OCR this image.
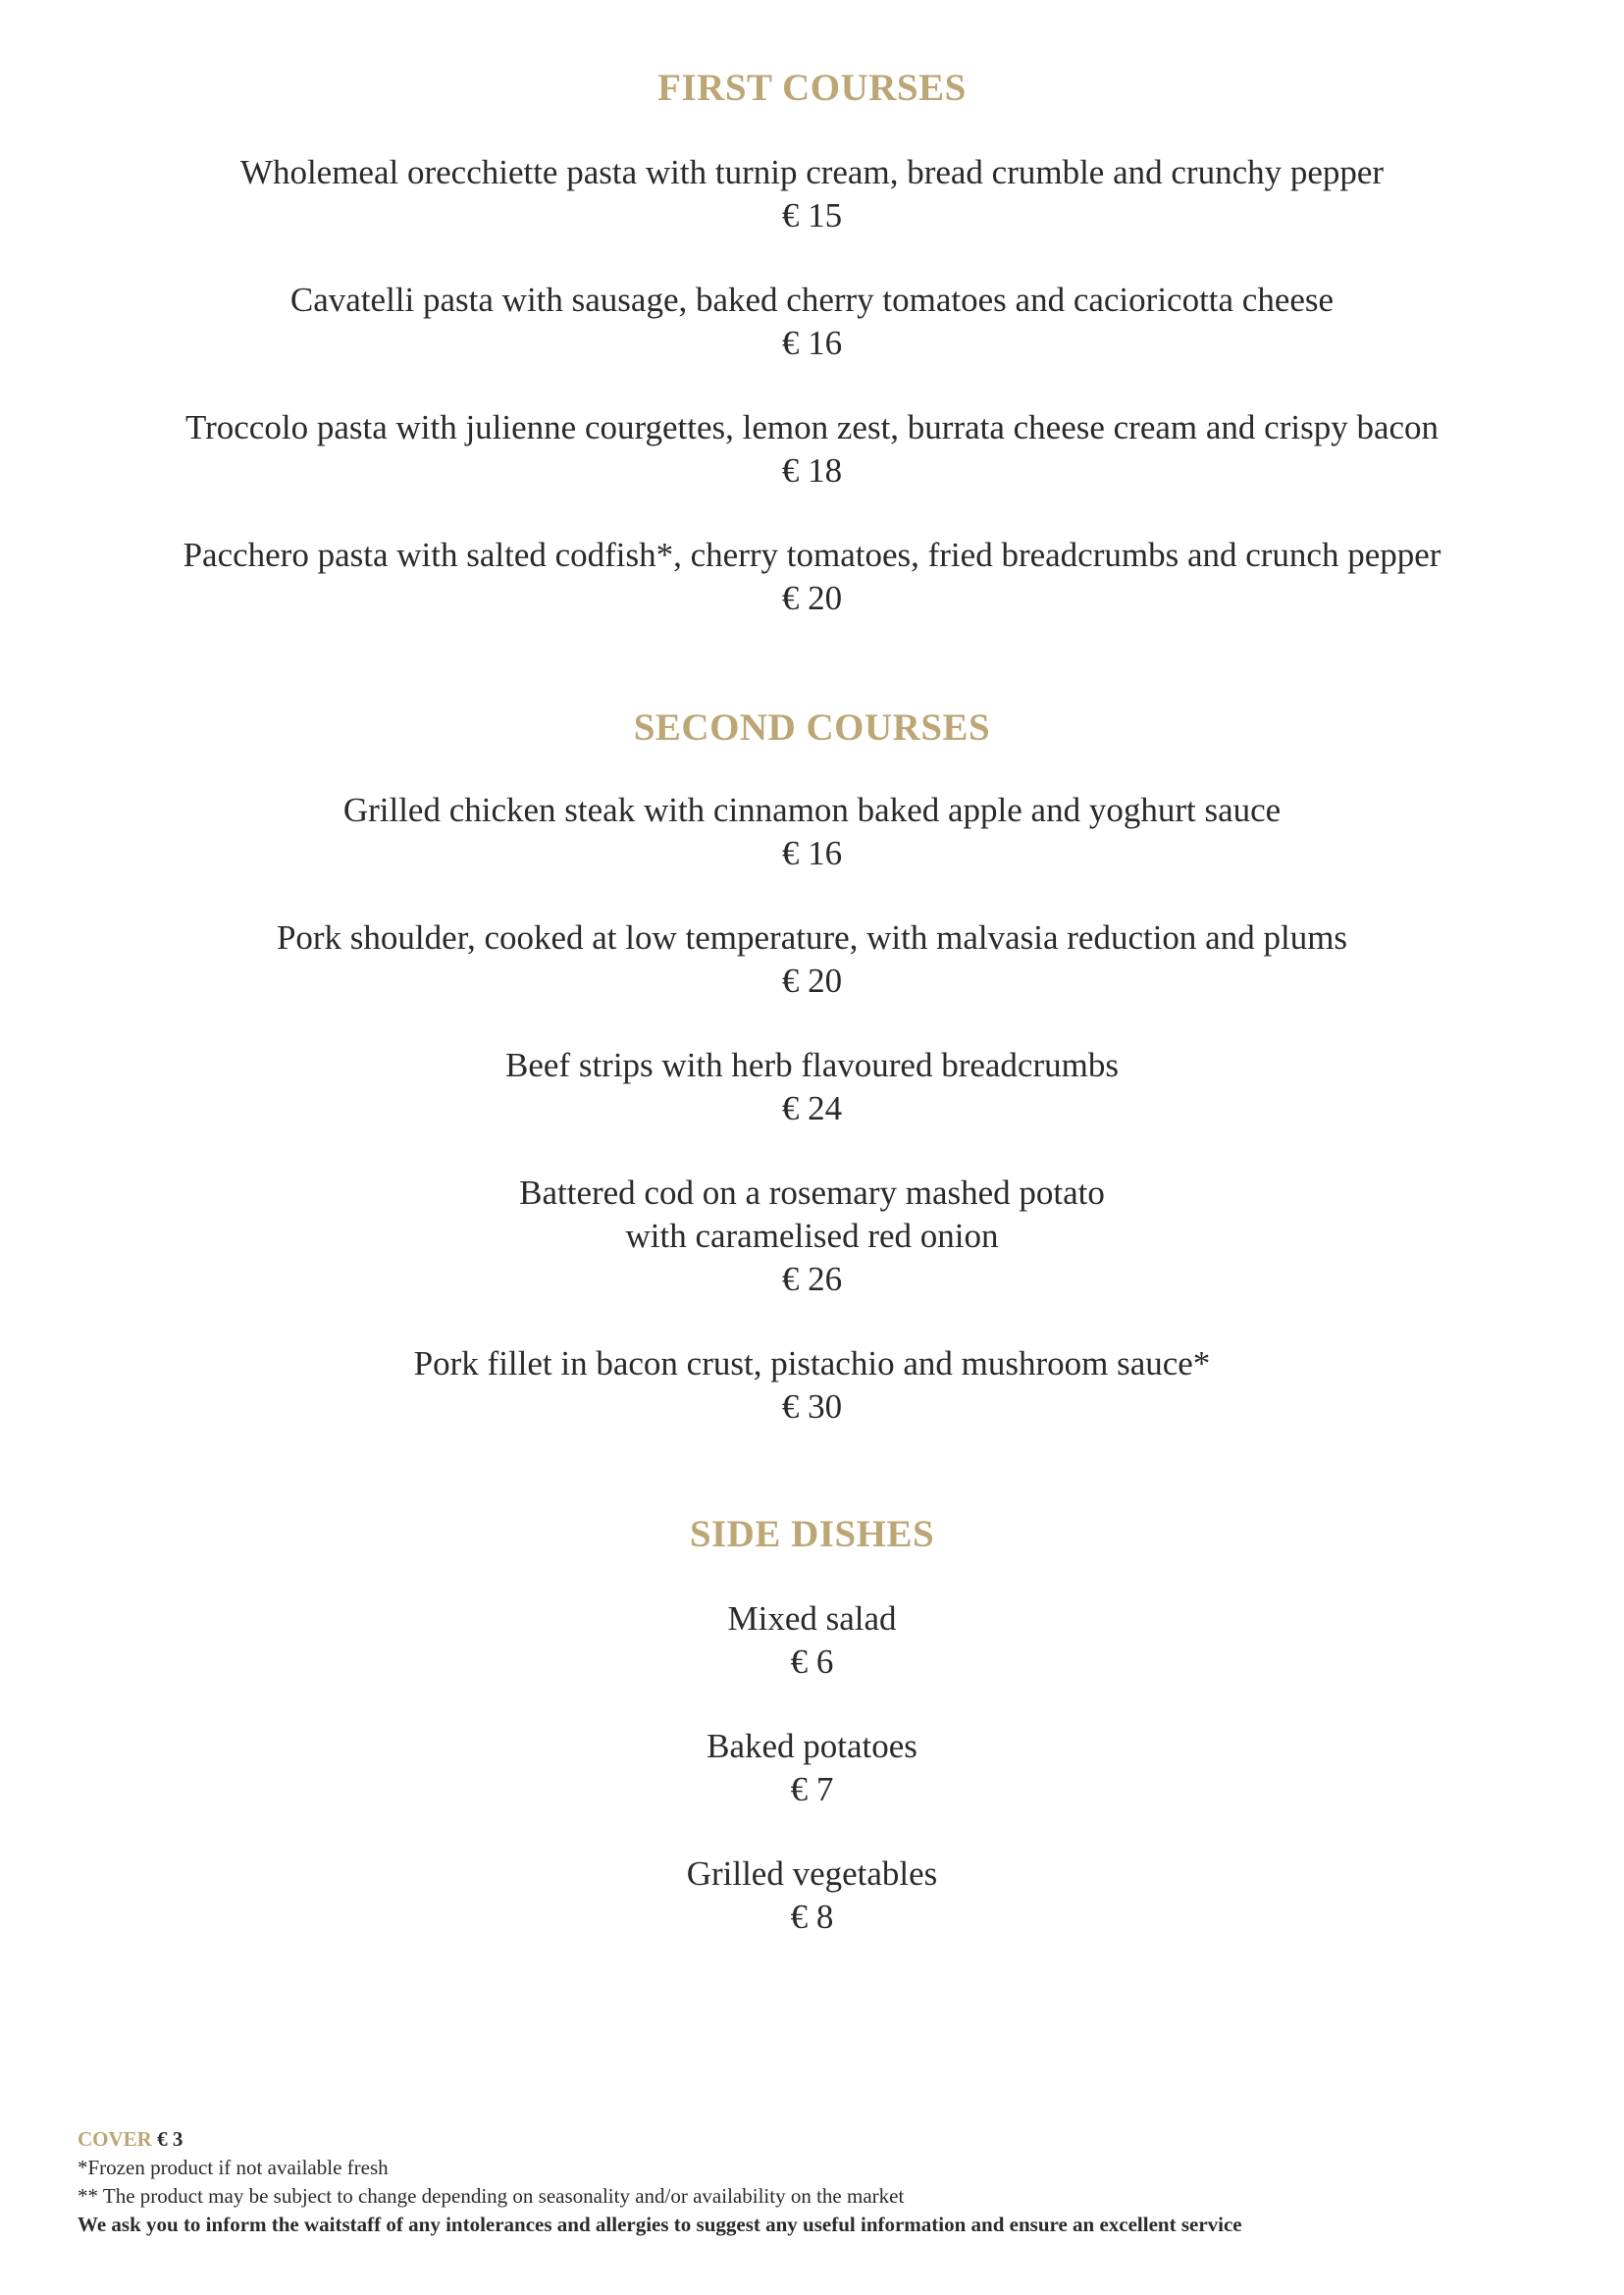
FIRST COURSES
Wholemeal orecchiette pasta with turnip cream, bread crumble and crunchy pepper
€ 15
Cavatelli pasta with sausage, baked cherry tomatoes and cacioricotta cheese
€ 16
Troccolo pasta with julienne courgettes, lemon zest, burrata cheese cream and crispy bacon
€ 18
Pacchero pasta with salted codfish*, cherry tomatoes, fried breadcrumbs and crunch pepper
€ 20
SECOND COURSES
Grilled chicken steak with cinnamon baked apple and yoghurt sauce
€ 16
Pork shoulder, cooked at low temperature, with malvasia reduction and plums
€ 20
Beef strips with herb flavoured breadcrumbs
€ 24
Battered cod on a rosemary mashed potato
with caramelised red onion
€ 26
Pork fillet in bacon crust, pistachio and mushroom sauce*
€ 30
SIDE DISHES
Mixed salad
€ 6
Baked potatoes
€ 7
Grilled vegetables
€ 8
COVER € 3
*Frozen product if not available fresh
** The product may be subject to change depending on seasonality and/or availability on the market
We ask you to inform the waitstaff of any intolerances and allergies to suggest any useful information and ensure an excellent service
